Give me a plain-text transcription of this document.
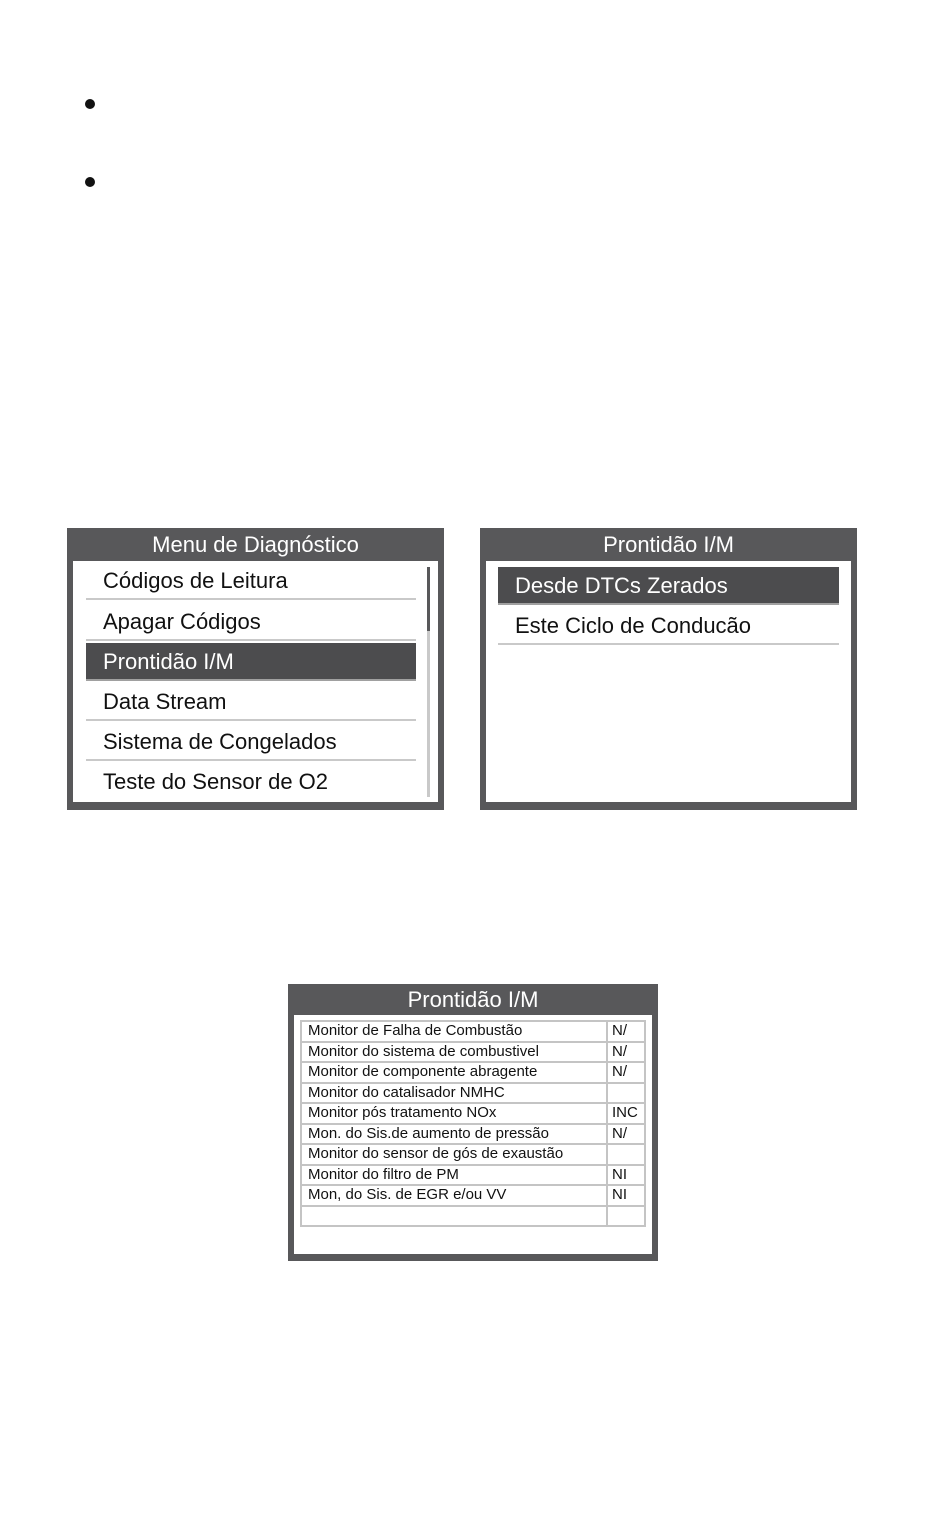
Menu de Diagnóstico
Códigos de Leitura
Apagar Códigos
Prontidão I/M
Data Stream
Sistema de Congelados
Teste do Sensor de O2
Prontidão I/M
Desde DTCs Zerados
Este Ciclo de Conducão
Prontidão I/M
Monitor de Falha de Combustão	N/
Monitor do sistema de combustivel	N/
Monitor de componente abragente	N/
Monitor do catalisador NMHC	
Monitor pós tratamento NOx	INC
Mon. do Sis.de aumento de pressão	N/
Monitor do sensor de gós de exaustão	
Monitor do filtro de PM	NI
Mon, do Sis. de EGR e/ou VV	NI
